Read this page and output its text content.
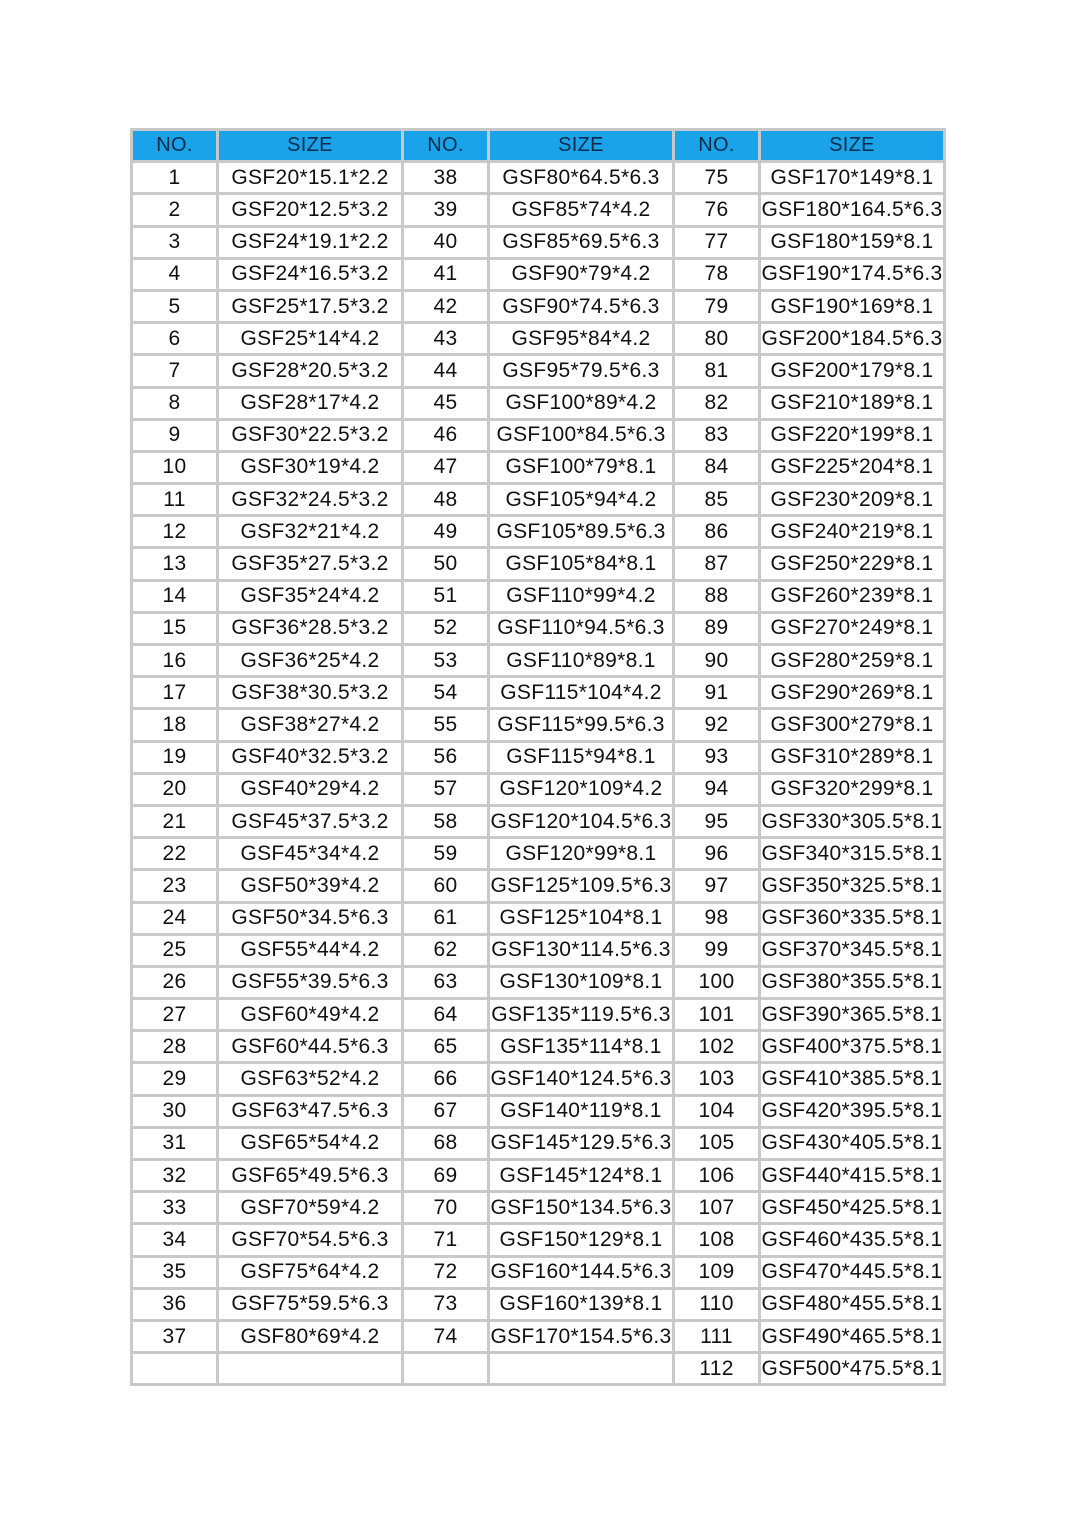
NO.	SIZE	NO.	SIZE	NO.	SIZE
1	GSF20*15.1*2.2	38	GSF80*64.5*6.3	75	GSF170*149*8.1
2	GSF20*12.5*3.2	39	GSF85*74*4.2	76	GSF180*164.5*6.3
3	GSF24*19.1*2.2	40	GSF85*69.5*6.3	77	GSF180*159*8.1
4	GSF24*16.5*3.2	41	GSF90*79*4.2	78	GSF190*174.5*6.3
5	GSF25*17.5*3.2	42	GSF90*74.5*6.3	79	GSF190*169*8.1
6	GSF25*14*4.2	43	GSF95*84*4.2	80	GSF200*184.5*6.3
7	GSF28*20.5*3.2	44	GSF95*79.5*6.3	81	GSF200*179*8.1
8	GSF28*17*4.2	45	GSF100*89*4.2	82	GSF210*189*8.1
9	GSF30*22.5*3.2	46	GSF100*84.5*6.3	83	GSF220*199*8.1
10	GSF30*19*4.2	47	GSF100*79*8.1	84	GSF225*204*8.1
11	GSF32*24.5*3.2	48	GSF105*94*4.2	85	GSF230*209*8.1
12	GSF32*21*4.2	49	GSF105*89.5*6.3	86	GSF240*219*8.1
13	GSF35*27.5*3.2	50	GSF105*84*8.1	87	GSF250*229*8.1
14	GSF35*24*4.2	51	GSF110*99*4.2	88	GSF260*239*8.1
15	GSF36*28.5*3.2	52	GSF110*94.5*6.3	89	GSF270*249*8.1
16	GSF36*25*4.2	53	GSF110*89*8.1	90	GSF280*259*8.1
17	GSF38*30.5*3.2	54	GSF115*104*4.2	91	GSF290*269*8.1
18	GSF38*27*4.2	55	GSF115*99.5*6.3	92	GSF300*279*8.1
19	GSF40*32.5*3.2	56	GSF115*94*8.1	93	GSF310*289*8.1
20	GSF40*29*4.2	57	GSF120*109*4.2	94	GSF320*299*8.1
21	GSF45*37.5*3.2	58	GSF120*104.5*6.3	95	GSF330*305.5*8.1
22	GSF45*34*4.2	59	GSF120*99*8.1	96	GSF340*315.5*8.1
23	GSF50*39*4.2	60	GSF125*109.5*6.3	97	GSF350*325.5*8.1
24	GSF50*34.5*6.3	61	GSF125*104*8.1	98	GSF360*335.5*8.1
25	GSF55*44*4.2	62	GSF130*114.5*6.3	99	GSF370*345.5*8.1
26	GSF55*39.5*6.3	63	GSF130*109*8.1	100	GSF380*355.5*8.1
27	GSF60*49*4.2	64	GSF135*119.5*6.3	101	GSF390*365.5*8.1
28	GSF60*44.5*6.3	65	GSF135*114*8.1	102	GSF400*375.5*8.1
29	GSF63*52*4.2	66	GSF140*124.5*6.3	103	GSF410*385.5*8.1
30	GSF63*47.5*6.3	67	GSF140*119*8.1	104	GSF420*395.5*8.1
31	GSF65*54*4.2	68	GSF145*129.5*6.3	105	GSF430*405.5*8.1
32	GSF65*49.5*6.3	69	GSF145*124*8.1	106	GSF440*415.5*8.1
33	GSF70*59*4.2	70	GSF150*134.5*6.3	107	GSF450*425.5*8.1
34	GSF70*54.5*6.3	71	GSF150*129*8.1	108	GSF460*435.5*8.1
35	GSF75*64*4.2	72	GSF160*144.5*6.3	109	GSF470*445.5*8.1
36	GSF75*59.5*6.3	73	GSF160*139*8.1	110	GSF480*455.5*8.1
37	GSF80*69*4.2	74	GSF170*154.5*6.3	111	GSF490*465.5*8.1
				112	GSF500*475.5*8.1
